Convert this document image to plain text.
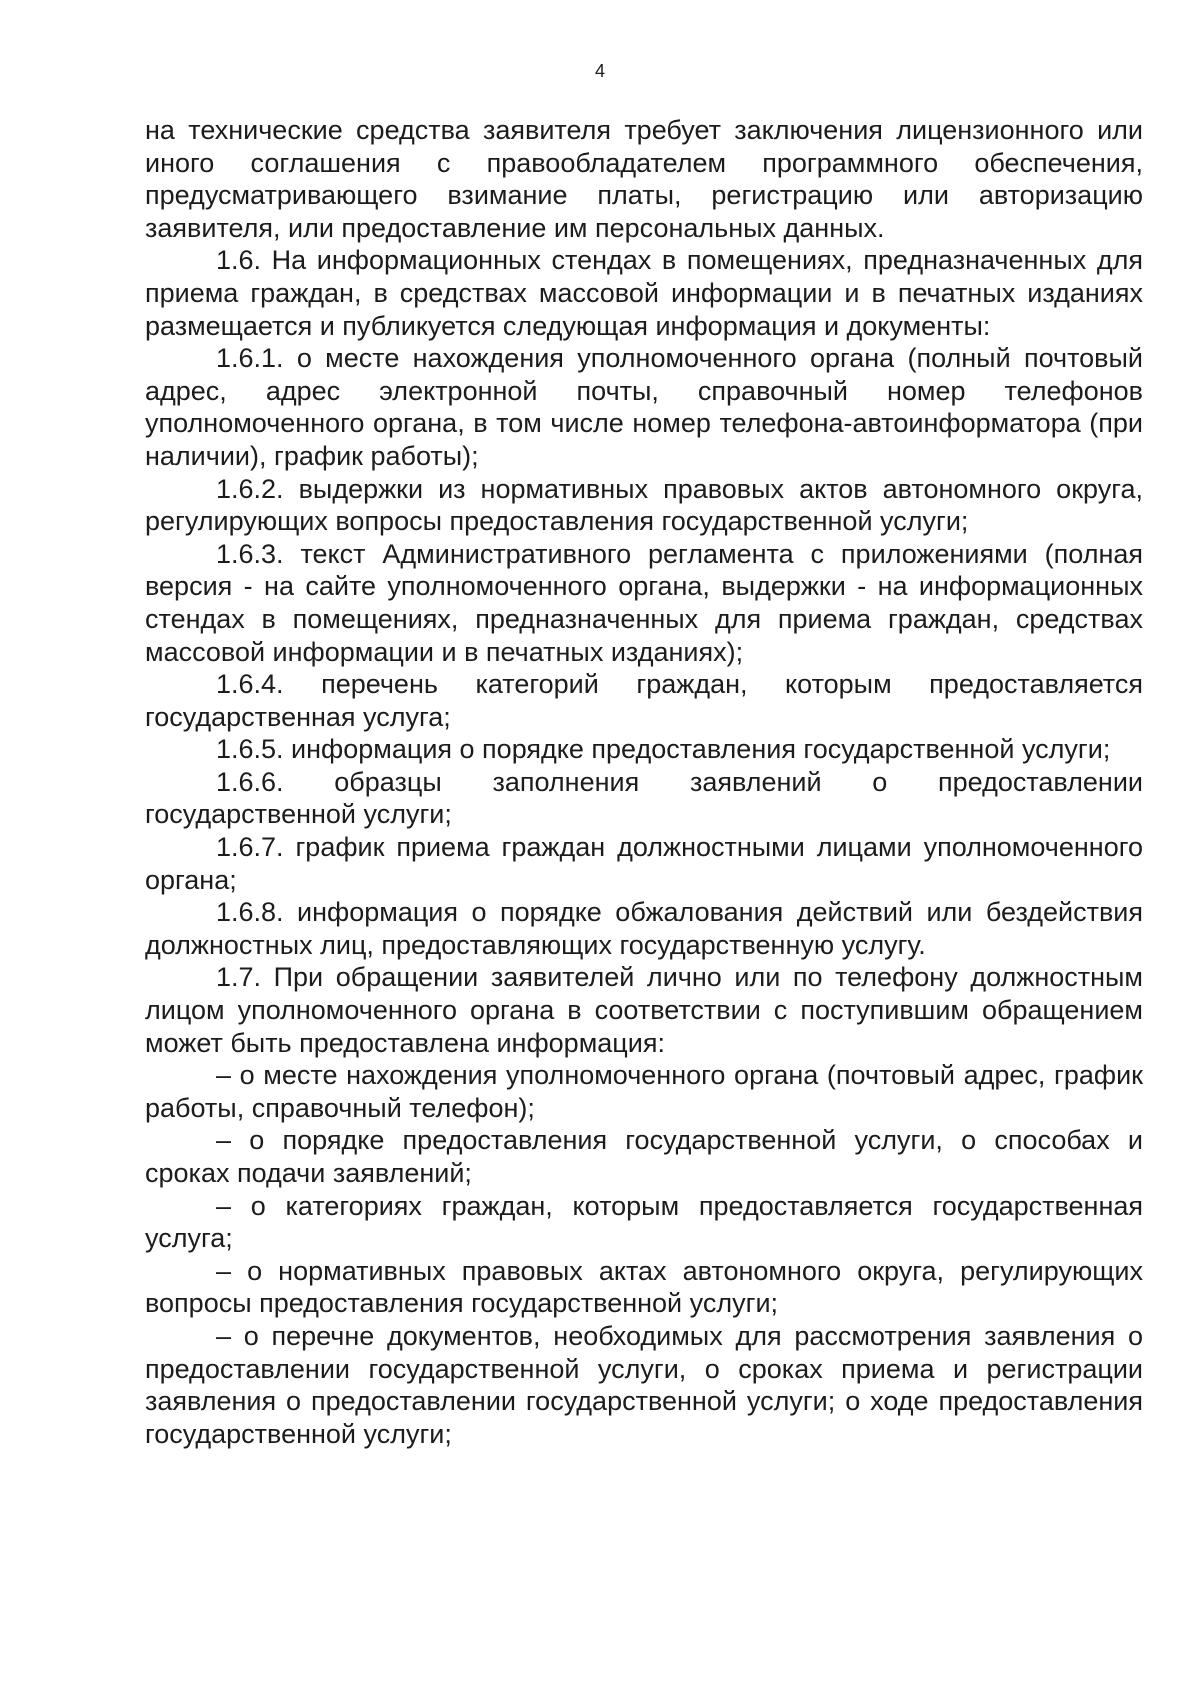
4

на технические средства заявителя требует заключения лицензионного или иного соглашения с правообладателем программного обеспечения, предусматривающего взимание платы, регистрацию или авторизацию заявителя, или предоставление им персональных данных.

1.6. На информационных стендах в помещениях, предназначенных для приема граждан, в средствах массовой информации и в печатных изданиях размещается и публикуется следующая информация и документы:

1.6.1. о месте нахождения уполномоченного органа (полный почтовый адрес, адрес электронной почты, справочный номер телефонов уполномоченного органа, в том числе номер телефона-автоинформатора (при наличии), график работы);

1.6.2. выдержки из нормативных правовых актов автономного округа, регулирующих вопросы предоставления государственной услуги;

1.6.3. текст Административного регламента с приложениями (полная версия - на сайте уполномоченного органа, выдержки - на информационных стендах в помещениях, предназначенных для приема граждан, средствах массовой информации и в печатных изданиях);

1.6.4. перечень категорий граждан, которым предоставляется государственная услуга;

1.6.5. информация о порядке предоставления государственной услуги;

1.6.6. образцы заполнения заявлений о предоставлении государственной услуги;

1.6.7. график приема граждан должностными лицами уполномоченного органа;

1.6.8. информация о порядке обжалования действий или бездействия должностных лиц, предоставляющих государственную услугу.

1.7. При обращении заявителей лично или по телефону должностным лицом уполномоченного органа в соответствии с поступившим обращением может быть предоставлена информация:

– о месте нахождения уполномоченного органа (почтовый адрес, график работы, справочный телефон);

– о порядке предоставления государственной услуги, о способах и сроках подачи заявлений;

– о категориях граждан, которым предоставляется государственная услуга;

– о нормативных правовых актах автономного округа, регулирующих вопросы предоставления государственной услуги;

– о перечне документов, необходимых для рассмотрения заявления о предоставлении государственной услуги, о сроках приема и регистрации заявления о предоставлении государственной услуги; о ходе предоставления государственной услуги;
